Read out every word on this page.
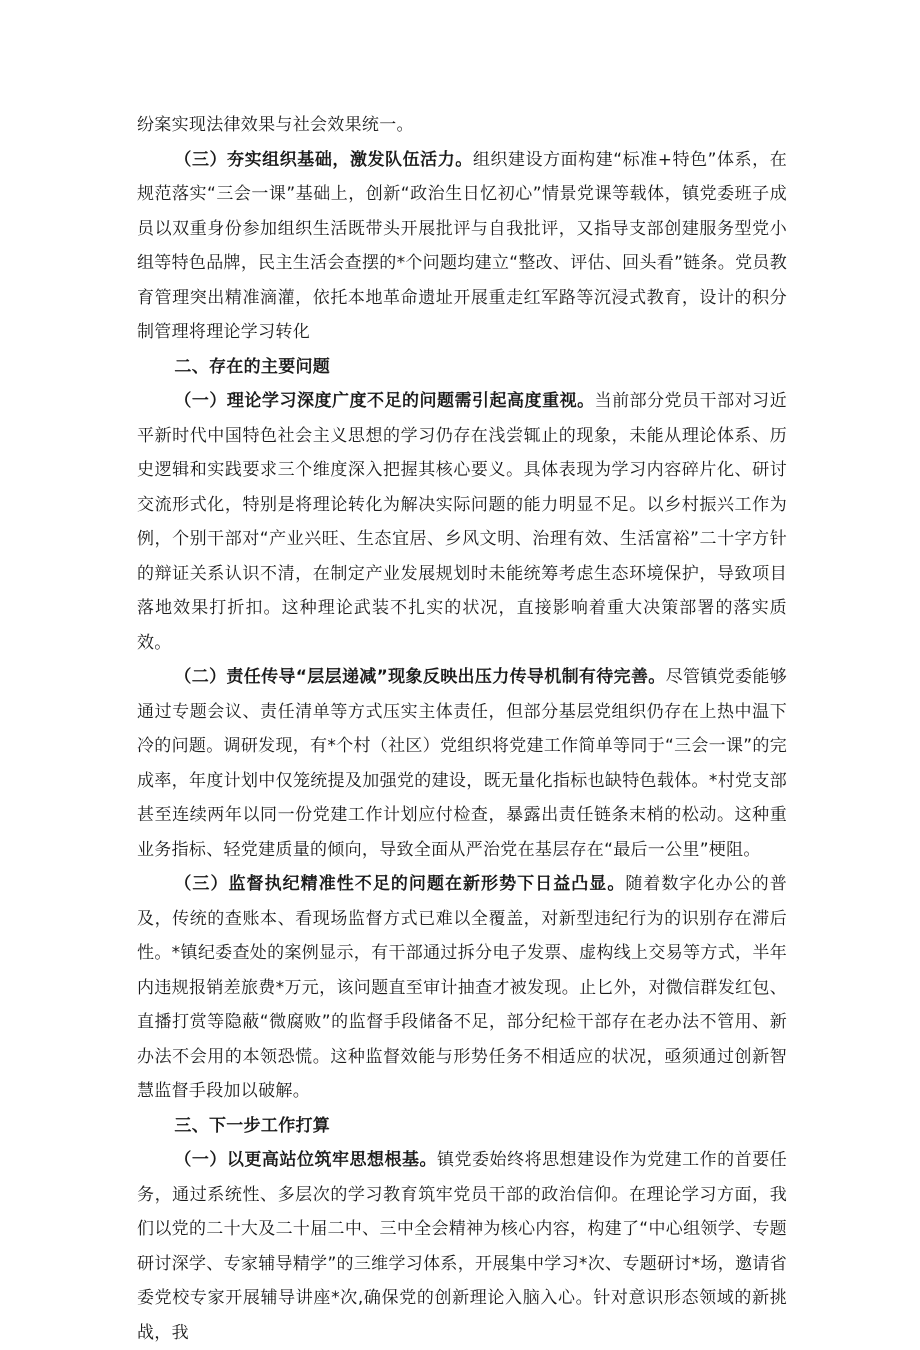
纷案实现法律效果与社会效果统一。

（三）夯实组织基础，激发队伍活力。组织建设方面构建“标准+特色”体系，在规范落实“三会一课”基础上，创新“政治生日忆初心”情景党课等载体，镇党委班子成员以双重身份参加组织生活既带头开展批评与自我批评，又指导支部创建服务型党小组等特色品牌，民主生活会查摆的*个问题均建立“整改、评估、回头看”链条。党员教育管理突出精准滴灌，依托本地革命遗址开展重走红军路等沉浸式教育，设计的积分制管理将理论学习转化

二、存在的主要问题

（一）理论学习深度广度不足的问题需引起高度重视。当前部分党员干部对习近平新时代中国特色社会主义思想的学习仍存在浅尝辄止的现象，未能从理论体系、历史逻辑和实践要求三个维度深入把握其核心要义。具体表现为学习内容碎片化、研讨交流形式化，特别是将理论转化为解决实际问题的能力明显不足。以乡村振兴工作为例，个别干部对“产业兴旺、生态宜居、乡风文明、治理有效、生活富裕”二十字方针的辩证关系认识不清，在制定产业发展规划时未能统筹考虑生态环境保护，导致项目落地效果打折扣。这种理论武装不扎实的状况，直接影响着重大决策部署的落实质效。

（二）责任传导“层层递减”现象反映出压力传导机制有待完善。尽管镇党委能够通过专题会议、责任清单等方式压实主体责任，但部分基层党组织仍存在上热中温下冷的问题。调研发现，有*个村（社区）党组织将党建工作简单等同于“三会一课”的完成率，年度计划中仅笼统提及加强党的建设，既无量化指标也缺特色载体。*村党支部甚至连续两年以同一份党建工作计划应付检查，暴露出责任链条末梢的松动。这种重业务指标、轻党建质量的倾向，导致全面从严治党在基层存在“最后一公里”梗阻。

（三）监督执纪精准性不足的问题在新形势下日益凸显。随着数字化办公的普及，传统的查账本、看现场监督方式已难以全覆盖，对新型违纪行为的识别存在滞后性。*镇纪委查处的案例显示，有干部通过拆分电子发票、虚构线上交易等方式，半年内违规报销差旅费*万元，该问题直至审计抽查才被发现。止匕外，对微信群发红包、直播打赏等隐蔽“微腐败”的监督手段储备不足，部分纪检干部存在老办法不管用、新办法不会用的本领恐慌。这种监督效能与形势任务不相适应的状况，亟须通过创新智慧监督手段加以破解。

三、下一步工作打算

（一）以更高站位筑牢思想根基。镇党委始终将思想建设作为党建工作的首要任务，通过系统性、多层次的学习教育筑牢党员干部的政治信仰。在理论学习方面，我们以党的二十大及二十届二中、三中全会精神为核心内容，构建了“中心组领学、专题研讨深学、专家辅导精学”的三维学习体系，开展集中学习*次、专题研讨*场，邀请省委党校专家开展辅导讲座*次,确保党的创新理论入脑入心。针对意识形态领域的新挑战，我
